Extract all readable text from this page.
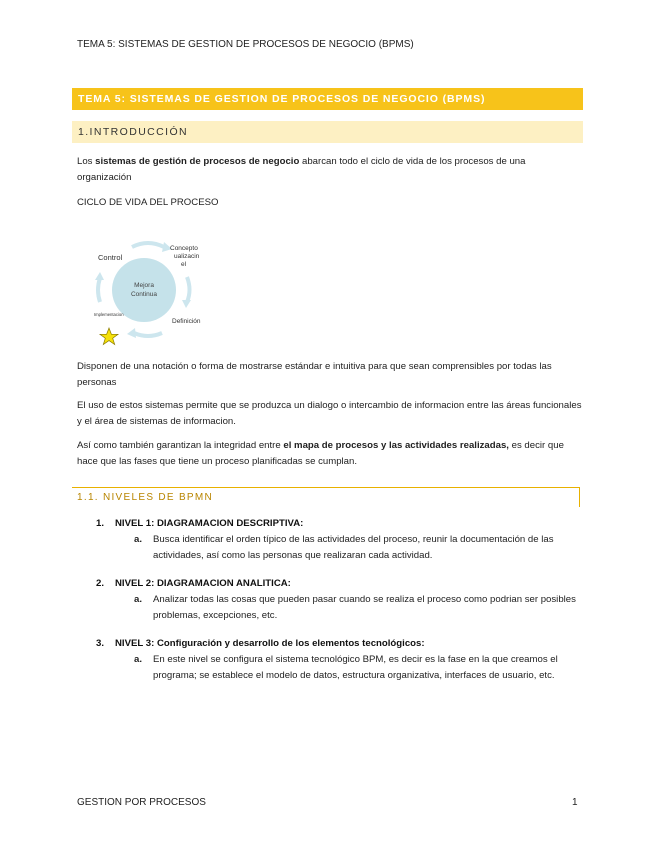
TEMA 5: SISTEMAS DE GESTION DE PROCESOS DE NEGOCIO (BPMS)
TEMA 5: SISTEMAS DE GESTION DE PROCESOS DE NEGOCIO (BPMS)
1.INTRODUCCIÓN
Los sistemas de gestión de procesos de negocio abarcan todo el ciclo de vida de los procesos de una organización
CICLO DE VIDA DEL PROCESO
Mejora
Continua
Control
Concepto
ualizacin
el
Definición
Implementacion
Disponen de una notación o forma de mostrarse estándar e intuitiva para que sean comprensibles por todas las personas
El uso de estos sistemas permite que se produzca un dialogo o intercambio de informacion entre las áreas funcionales y el área de sistemas de informacion.
Así como también garantizan la integridad entre el mapa de procesos y las actividades realizadas, es decir que hace que las fases que tiene un proceso planificadas se cumplan.
1.1. NIVELES DE BPMN
1. NIVEL 1: DIAGRAMACION DESCRIPTIVA:
a. Busca identificar el orden típico de las actividades del proceso, reunir la documentación de las actividades, así como las personas que realizaran cada actividad.
2. NIVEL 2: DIAGRAMACION ANALITICA:
a. Analizar todas las cosas que pueden pasar cuando se realiza el proceso como podrian ser posibles problemas, excepciones, etc.
3. NIVEL 3: Configuración y desarrollo de los elementos tecnológicos:
a. En este nivel se configura el sistema tecnológico BPM, es decir es la fase en la que creamos el programa; se establece el modelo de datos, estructura organizativa, interfaces de usuario, etc.
GESTION POR PROCESOS	1
